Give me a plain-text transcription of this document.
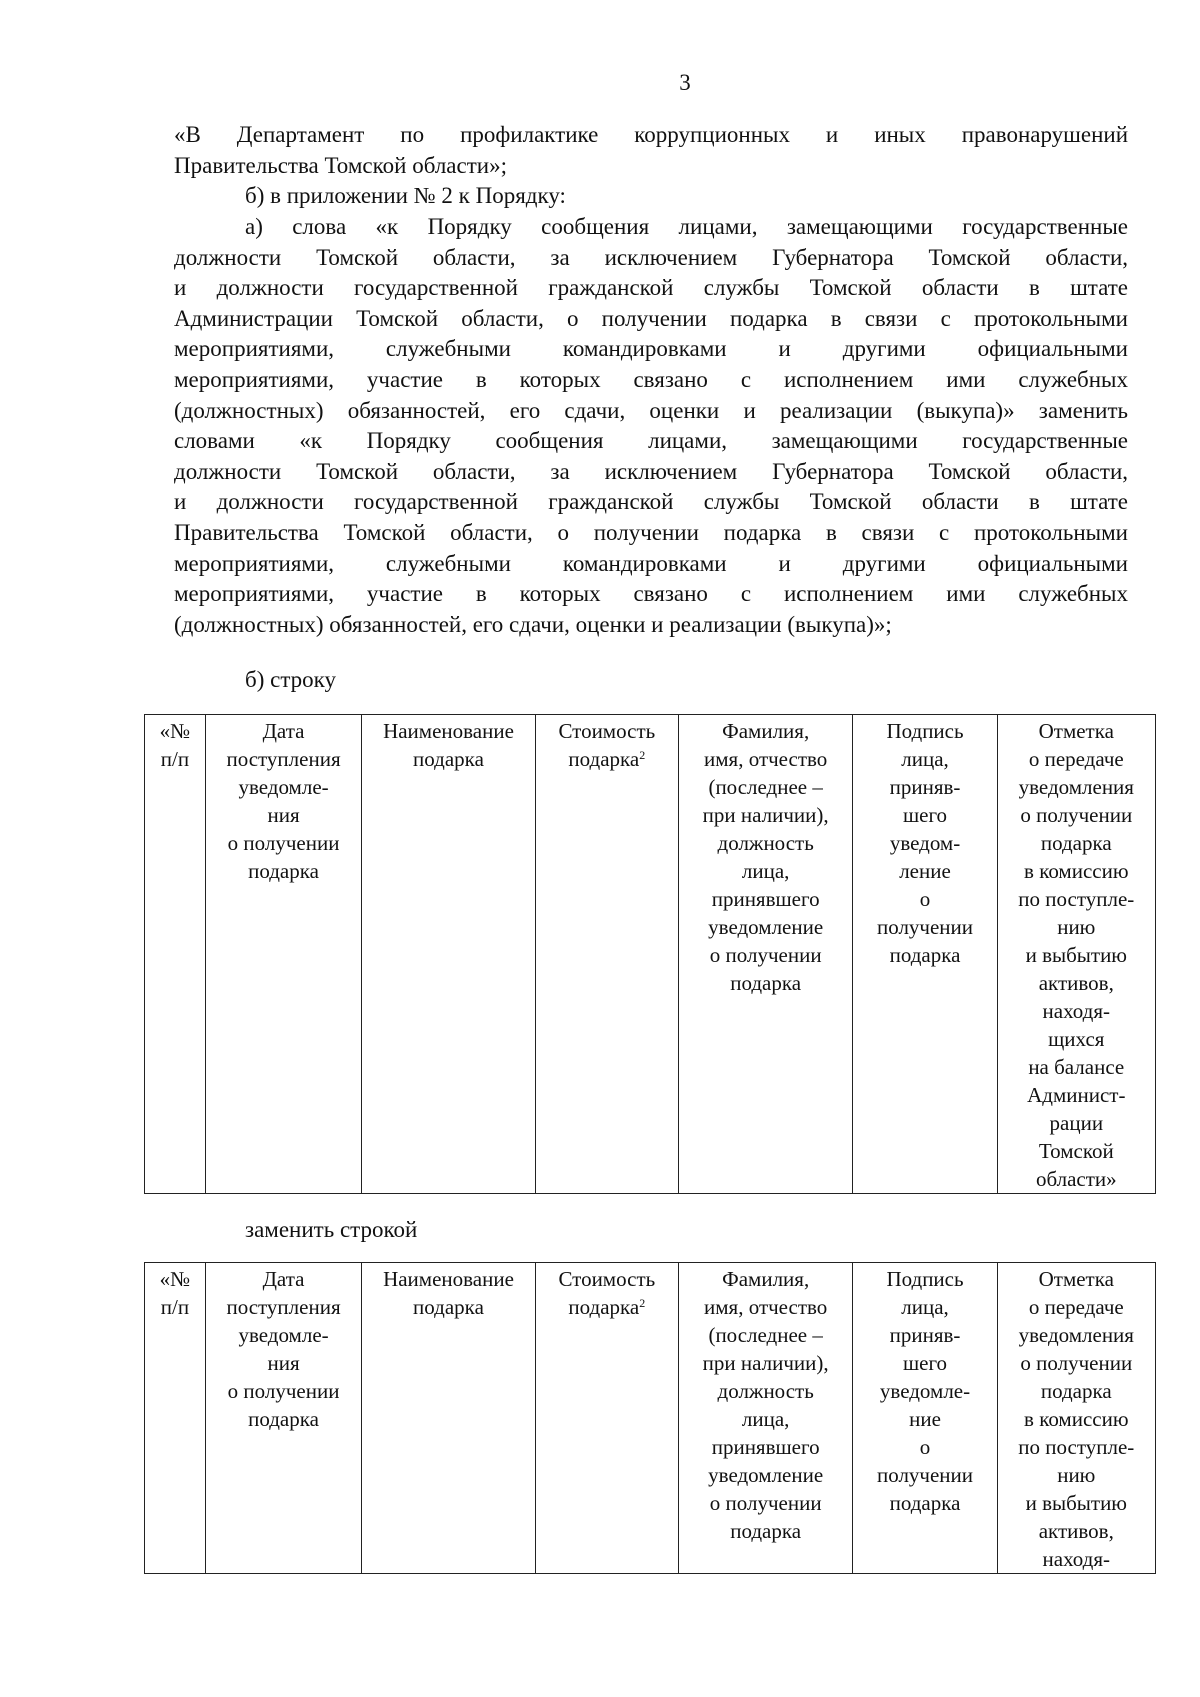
3
«В Департамент по профилактике коррупционных и иных правонарушений
Правительства Томской области»;
б) в приложении № 2 к Порядку:
а) слова «к Порядку сообщения лицами, замещающими государственные
должности Томской области, за исключением Губернатора Томской области,
и должности государственной гражданской службы Томской области в штате
Администрации Томской области, о получении подарка в связи с протокольными
мероприятиями, служебными командировками и другими официальными
мероприятиями, участие в которых связано с исполнением ими служебных
(должностных) обязанностей, его сдачи, оценки и реализации (выкупа)» заменить
словами «к Порядку сообщения лицами, замещающими государственные
должности Томской области, за исключением Губернатора Томской области,
и должности государственной гражданской службы Томской области в штате
Правительства Томской области, о получении подарка в связи с протокольными
мероприятиями, служебными командировками и другими официальными
мероприятиями, участие в которых связано с исполнением ими служебных
(должностных) обязанностей, его сдачи, оценки и реализации (выкупа)»;
б) строку
«№
п/п

Дата
поступления
уведомле-
ния
о получении
подарка

Наименование
подарка

Стоимость
подарка$^2$

Фамилия,
имя, отчество
(последнее –
при наличии),
должность
лица,
принявшего
уведомление
о получении
подарка

Подпись
лица,
приняв-
шего
уведом-
ление
о
получении
подарка

Отметка
о передаче
уведомления
о получении
подарка
в комиссию
по поступле-
нию
и выбытию
активов,
находя-
щихся
на балансе
Админист-
рации
Томской
области»
заменить строкой
«№
п/п

Дата
поступления
уведомле-
ния
о получении
подарка

Наименование
подарка

Стоимость
подарка$^2$

Фамилия,
имя, отчество
(последнее –
при наличии),
должность
лица,
принявшего
уведомление
о получении
подарка

Подпись
лица,
приняв-
шего
уведомле-
ние
о
получении
подарка

Отметка
о передаче
уведомления
о получении
подарка
в комиссию
по поступле-
нию
и выбытию
активов,
находя-
